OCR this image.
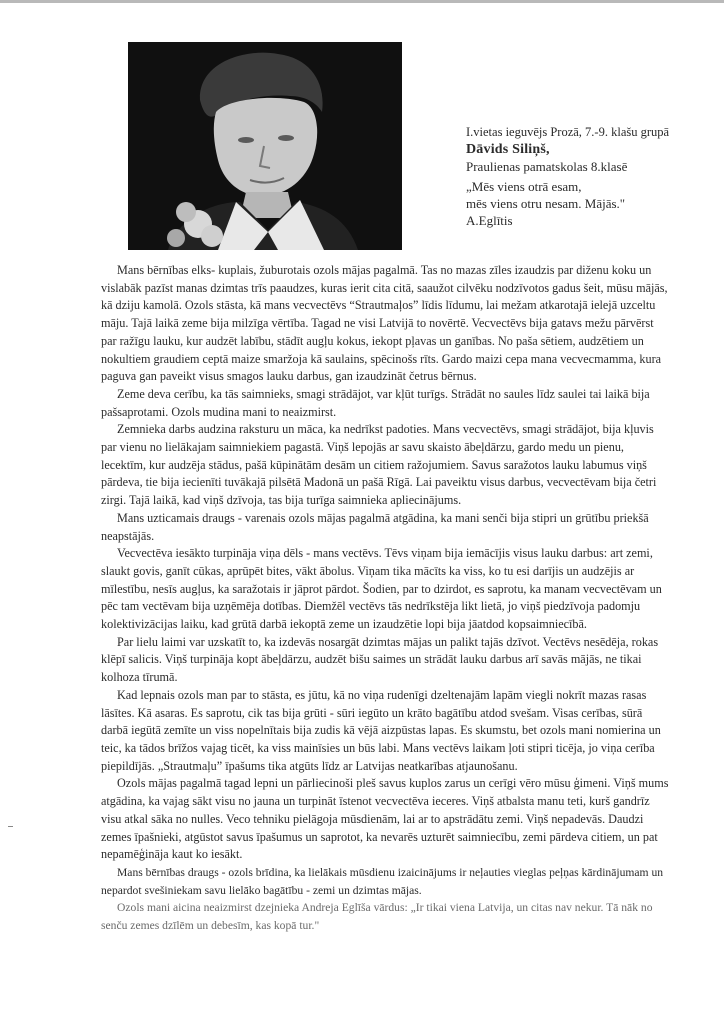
I.vietas ieguvējs Prozā, 7.-9. klašu grupā
Dāvids Siliņš,
Praulienas pamatskolas 8.klasē
„Mēs viens otrā esam,
mēs viens otru nesam. Mājās."
A.Eglītis

Mans bērnības elks- kuplais, žuburotais ozols mājas pagalmā. Tas no mazas zīles izaudzis par diženu koku un vislabāk pazīst manas dzimtas trīs paaudzes, kuras ierit cita citā, saaužot cilvēku nodzīvotos gadus šeit, mūsu mājās, kā dziju kamolā. Ozols stāsta, kā mans vecvectēvs “Strautmaļos” līdis līdumu, lai mežam atkarotajā ielejā uzceltu māju. Tajā laikā zeme bija milzīga vērtība. Tagad ne visi Latvijā to novērtē. Vecvectēvs bija gatavs mežu pārvērst par ražīgu lauku, kur audzēt labību, stādīt augļu kokus, iekopt pļavas un ganības. No paša sētiem, audzētiem un nokultiem graudiem ceptā maize smaržoja kā saulains, spēcinošs rīts. Gardo maizi cepa mana vecvecmamma, kura paguva gan paveikt visus smagos lauku darbus, gan izaudzināt četrus bērnus.

Zeme deva cerību, ka tās saimnieks, smagi strādājot, var kļūt turīgs. Strādāt no saules līdz saulei tai laikā bija pašsaprotami. Ozols mudina mani to neaizmirst.

Zemnieka darbs audzina raksturu un māca, ka nedrīkst padoties. Mans vecvectēvs, smagi strādājot, bija kļuvis par vienu no lielākajam saimniekiem pagastā. Viņš lepojās ar savu skaisto ābeļdārzu, gardo medu un pienu, lecektīm, kur audzēja stādus, pašā kūpinātām desām un citiem ražojumiem. Savus saražotos lauku labumus viņš pārdeva, tie bija iecienīti tuvākajā pilsētā Madonā un pašā Rīgā. Lai paveiktu visus darbus, vecvectēvam bija četri zirgi. Tajā laikā, kad viņš dzīvoja, tas bija turīga saimnieka apliecinājums.

Mans uzticamais draugs - varenais ozols mājas pagalmā atgādina, ka mani senči bija stipri un grūtību priekšā neapstājās.

Vecvectēva iesākto turpināja viņa dēls - mans vectēvs. Tēvs viņam bija iemācījis visus lauku darbus: art zemi, slaukt govis, ganīt cūkas, aprūpēt bites, vākt ābolus. Viņam tika mācīts ka viss, ko tu esi darījis un audzējis ar mīlestību, nesīs augļus, ka saražotais ir jāprot pārdot. Šodien, par to dzirdot, es saprotu, ka manam vecvectēvam un pēc tam vectēvam bija uzņēmēja dotības. Diemžēl vectēvs tās nedrīkstēja likt lietā, jo viņš piedzīvoja padomju kolektivizācijas laiku, kad grūtā darbā iekoptā zeme un izaudzētie lopi bija jāatdod kopsaimniecībā.

Par lielu laimi var uzskatīt to, ka izdevās nosargāt dzimtas mājas un palikt tajās dzīvot. Vectēvs nesēdēja, rokas klēpī salicis. Viņš turpināja kopt ābeļdārzu, audzēt bišu saimes un strādāt lauku darbus arī savās mājās, ne tikai kolhoza tīrumā.

Kad lepnais ozols man par to stāsta, es jūtu, kā no viņa rudenīgi dzeltenajām lapām viegli nokrīt mazas rasas lāsītes. Kā asaras. Es saprotu, cik tas bija grūti - sūri iegūto un krāto bagātību atdod svešam. Visas cerības, sūrā darbā iegūtā zemīte un viss nopelnītais bija zudis kā vējā aizpūstas lapas. Es skumstu, bet ozols mani nomierina un teic, ka tādos brīžos vajag ticēt, ka viss mainīsies un būs labi. Mans vectēvs laikam ļoti stipri ticēja, jo viņa cerība piepildījās. „Strautmaļu” īpašums tika atgūts līdz ar Latvijas neatkarības atjaunošanu.

Ozols mājas pagalmā tagad lepni un pārliecinoši pleš savus kuplos zarus un cerīgi vēro mūsu ģimeni. Viņš mums atgādina, ka vajag sākt visu no jauna un turpināt īstenot vecvectēva ieceres. Viņš atbalsta manu teti, kurš gandrīz visu atkal sāka no nulles. Veco tehniku pielāgoja mūsdienām, lai ar to apstrādātu zemi. Viņš nepadevās. Daudzi zemes īpašnieki, atgūstot savus īpašumus un saprotot, ka nevarēs uzturēt saimniecību, zemi pārdeva citiem, un pat nepamēģināja kaut ko iesākt.

Mans bērnības draugs - ozols brīdina, ka lielākais mūsdienu izaicinājums ir neļauties vieglas peļņas kārdinājumam un nepardot svešiniekam savu lielāko bagātību - zemi un dzimtas mājas.

Ozols mani aicina neaizmirst dzejnieka Andreja Eglīša vārdus: „Ir tikai viena Latvija, un citas nav nekur. Tā nāk no senču zemes dzīlēm un debesīm, kas kopā tur."
